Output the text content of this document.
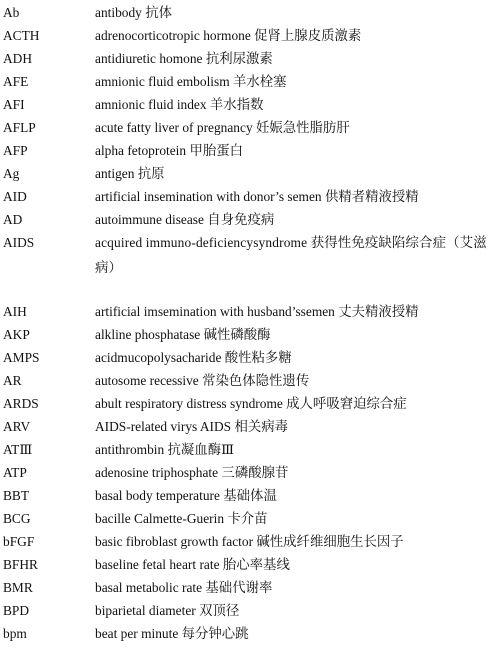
Ab	antibody 抗体
ACTH	adrenocorticotropic hormone 促肾上腺皮质激素
ADH	antidiuretic homone 抗利尿激素
AFE	amnionic fluid embolism 羊水栓塞
AFI	amnionic fluid index 羊水指数
AFLP	acute fatty liver of pregnancy 妊娠急性脂肪肝
AFP	alpha fetoprotein 甲胎蛋白
Ag	antigen 抗原
AID	artificial insemination with donor’s semen 供精者精液授精
AD	autoimmune disease 自身免疫病
AIDS	acquired immuno-deficiencysyndrome 获得性免疫缺陷综合症（艾滋病）
AIH	artificial imsemination with husband’ssemen 丈夫精液授精
AKP	alkline phosphatase 碱性磷酸酶
AMPS	acidmucopolysacharide 酸性粘多糖
AR	autosome recessive 常染色体隐性遗传
ARDS	abult respiratory distress syndrome 成人呼吸窘迫综合症
ARV	AIDS-related virys AIDS 相关病毒
ATⅢ	antithrombin 抗凝血酶Ⅲ
ATP	adenosine triphosphate 三磷酸腺苷
BBT	basal body temperature 基础体温
BCG	bacille Calmette-Guerin 卡介苗
bFGF	basic fibroblast growth factor 碱性成纤维细胞生长因子
BFHR	baseline fetal heart rate 胎心率基线
BMR	basal metabolic rate 基础代谢率
BPD	biparietal diameter 双顶径
bpm	beat per minute 每分钟心跳
